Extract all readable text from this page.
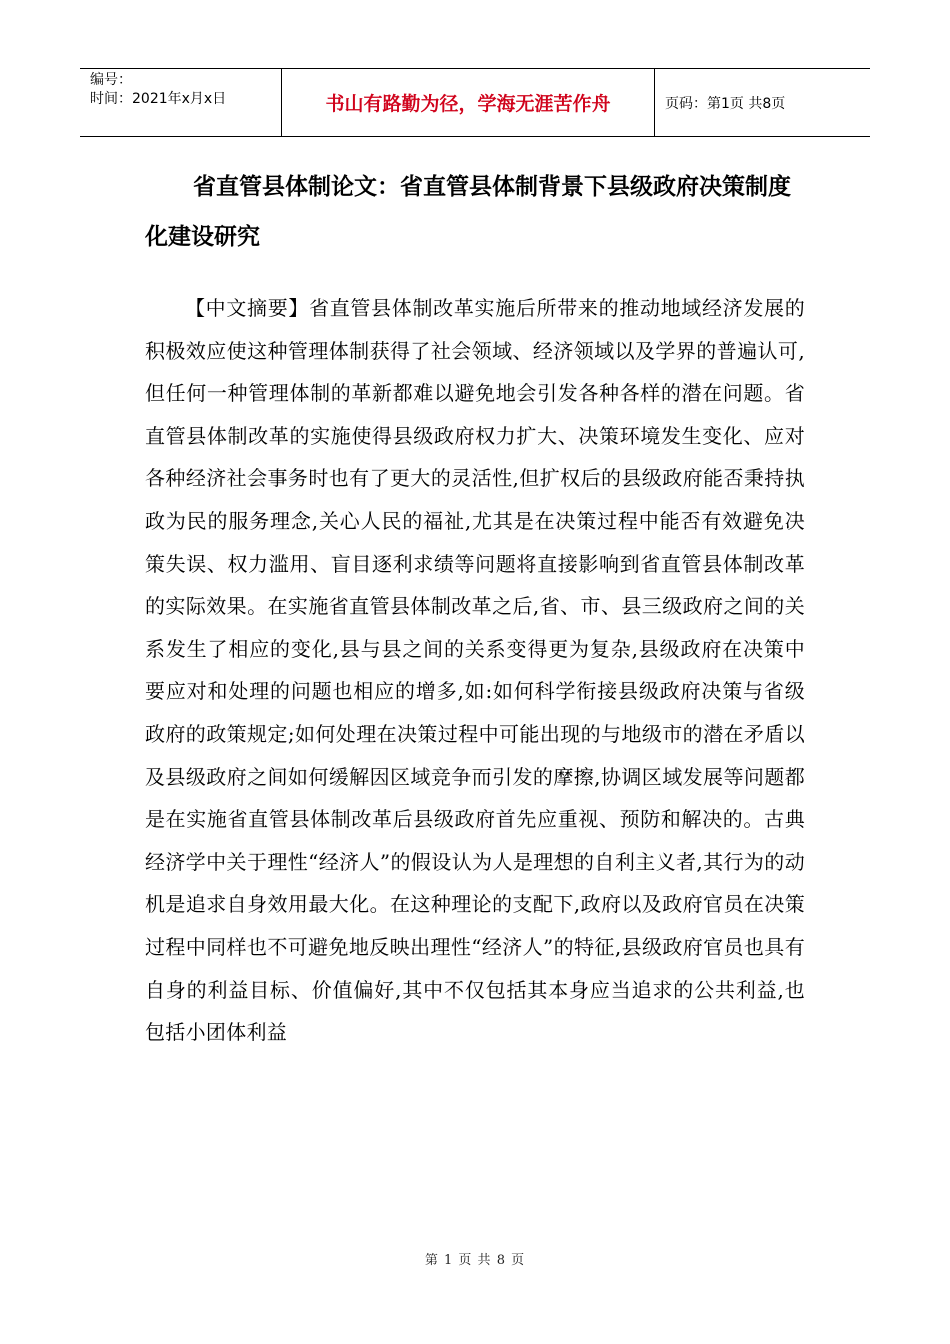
编号：
时间：2021年x月x日	书山有路勤为径，学海无涯苦作舟	页码：第1页 共8页
省直管县体制论文：省直管县体制背景下县级政府决策制度化建设研究

【中文摘要】省直管县体制改革实施后所带来的推动地域经济发展的积极效应使这种管理体制获得了社会领域、经济领域以及学界的普遍认可,但任何一种管理体制的革新都难以避免地会引发各种各样的潜在问题。省直管县体制改革的实施使得县级政府权力扩大、决策环境发生变化、应对各种经济社会事务时也有了更大的灵活性,但扩权后的县级政府能否秉持执政为民的服务理念,关心人民的福祉,尤其是在决策过程中能否有效避免决策失误、权力滥用、盲目逐利求绩等问题将直接影响到省直管县体制改革的实际效果。在实施省直管县体制改革之后,省、市、县三级政府之间的关系发生了相应的变化,县与县之间的关系变得更为复杂,县级政府在决策中要应对和处理的问题也相应的增多,如:如何科学衔接县级政府决策与省级政府的政策规定;如何处理在决策过程中可能出现的与地级市的潜在矛盾以及县级政府之间如何缓解因区域竞争而引发的摩擦,协调区域发展等问题都是在实施省直管县体制改革后县级政府首先应重视、预防和解决的。古典经济学中关于理性“经济人”的假设认为人是理想的自利主义者,其行为的动机是追求自身效用最大化。在这种理论的支配下,政府以及政府官员在决策过程中同样也不可避免地反映出理性“经济人”的特征,县级政府官员也具有自身的利益目标、价值偏好,其中不仅包括其本身应当追求的公共利益,也包括小团体利益

第 1 页 共 8 页
